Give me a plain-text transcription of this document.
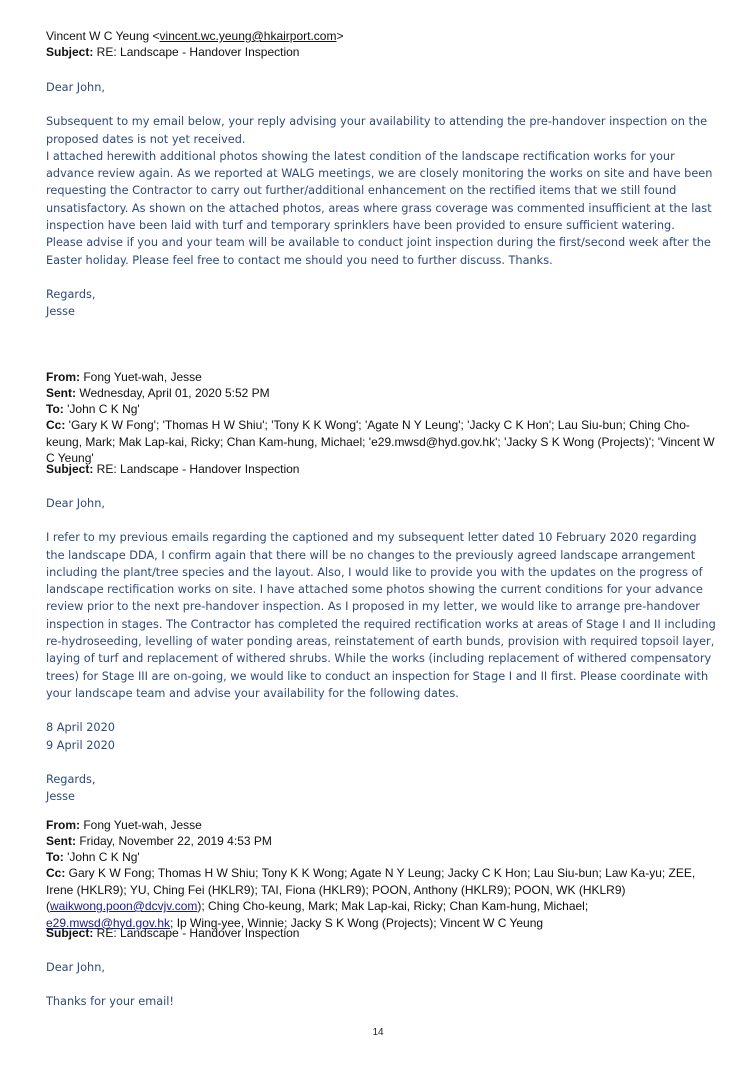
Vincent W C Yeung <vincent.wc.yeung@hkairport.com>
Subject: RE: Landscape - Handover Inspection

Dear John,

Subsequent to my email below, your reply advising your availability to attending the pre-handover inspection on the proposed dates is not yet received.

I attached herewith additional photos showing the latest condition of the landscape rectification works for your advance review again. As we reported at WALG meetings, we are closely monitoring the works on site and have been requesting the Contractor to carry out further/additional enhancement on the rectified items that we still found unsatisfactory. As shown on the attached photos, areas where grass coverage was commented insufficient at the last inspection have been laid with turf and temporary sprinklers have been provided to ensure sufficient watering.

Please advise if you and your team will be available to conduct joint inspection during the first/second week after the Easter holiday. Please feel free to contact me should you need to further discuss. Thanks.

Regards,

Jesse

From: Fong Yuet-wah, Jesse
Sent: Wednesday, April 01, 2020 5:52 PM
To: 'John C K Ng'
Cc: 'Gary K W Fong'; 'Thomas H W Shiu'; 'Tony K K Wong'; 'Agate N Y Leung'; 'Jacky C K Hon'; Lau Siu-bun; Ching Cho-keung, Mark; Mak Lap-kai, Ricky; Chan Kam-hung, Michael; 'e29.mwsd@hyd.gov.hk'; 'Jacky S K Wong (Projects)'; 'Vincent W C Yeung'
Subject: RE: Landscape - Handover Inspection

Dear John,

I refer to my previous emails regarding the captioned and my subsequent letter dated 10 February 2020 regarding the landscape DDA, I confirm again that there will be no changes to the previously agreed landscape arrangement including the plant/tree species and the layout. Also, I would like to provide you with the updates on the progress of landscape rectification works on site. I have attached some photos showing the current conditions for your advance review prior to the next pre-handover inspection. As I proposed in my letter, we would like to arrange pre-handover inspection in stages. The Contractor has completed the required rectification works at areas of Stage I and II including re-hydroseeding, levelling of water ponding areas, reinstatement of earth bunds, provision with required topsoil layer, laying of turf and replacement of withered shrubs. While the works (including replacement of withered compensatory trees) for Stage III are on-going, we would like to conduct an inspection for Stage I and II first. Please coordinate with your landscape team and advise your availability for the following dates.

8 April 2020

9 April 2020

Regards,

Jesse

From: Fong Yuet-wah, Jesse
Sent: Friday, November 22, 2019 4:53 PM
To: 'John C K Ng'
Cc: Gary K W Fong; Thomas H W Shiu; Tony K K Wong; Agate N Y Leung; Jacky C K Hon; Lau Siu-bun; Law Ka-yu; ZEE, Irene (HKLR9); YU, Ching Fei (HKLR9); TAI, Fiona (HKLR9); POON, Anthony (HKLR9); POON, WK (HKLR9) (waikwong.poon@dcvjv.com); Ching Cho-keung, Mark; Mak Lap-kai, Ricky; Chan Kam-hung, Michael; e29.mwsd@hyd.gov.hk; Ip Wing-yee, Winnie; Jacky S K Wong (Projects); Vincent W C Yeung
Subject: RE: Landscape - Handover Inspection

Dear John,

Thanks for your email!

14
